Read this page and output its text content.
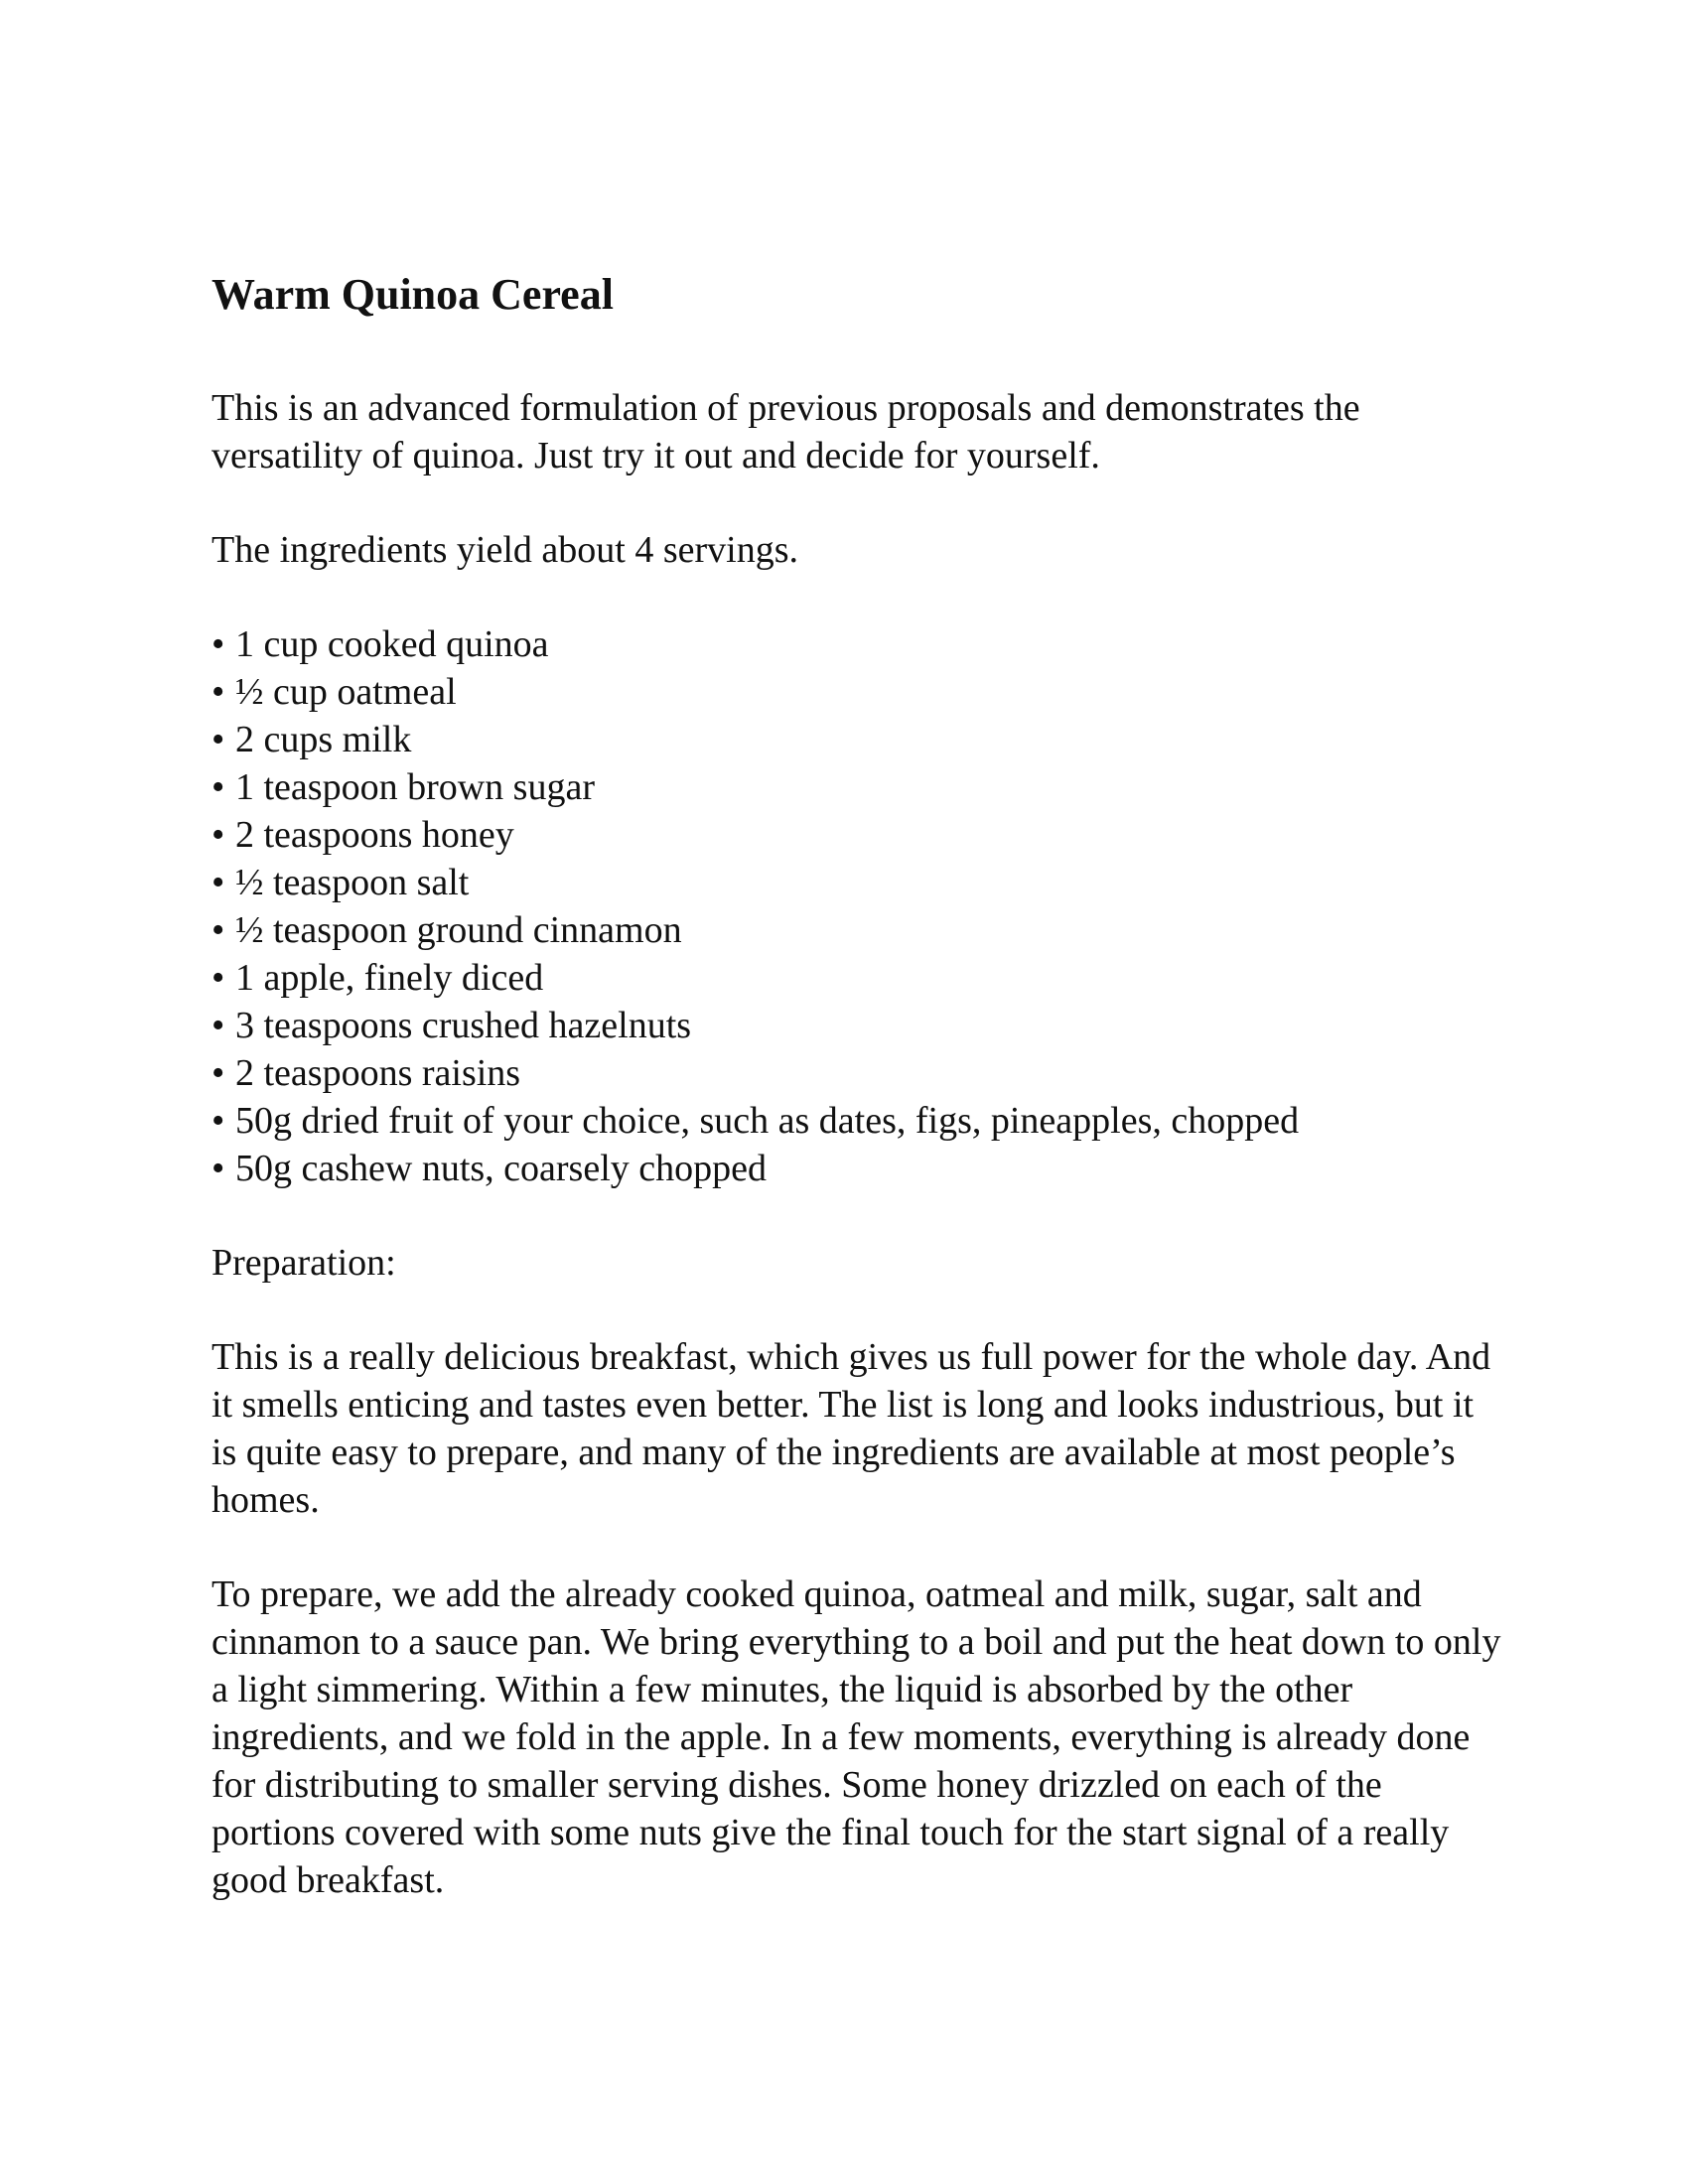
Warm Quinoa Cereal

This is an advanced formulation of previous proposals and demonstrates the versatility of quinoa. Just try it out and decide for yourself.

The ingredients yield about 4 servings.

• 1 cup cooked quinoa
• ½ cup oatmeal
• 2 cups milk
• 1 teaspoon brown sugar
• 2 teaspoons honey
• ½ teaspoon salt
• ½ teaspoon ground cinnamon
• 1 apple, finely diced
• 3 teaspoons crushed hazelnuts
• 2 teaspoons raisins
• 50g dried fruit of your choice, such as dates, figs, pineapples, chopped
• 50g cashew nuts, coarsely chopped

Preparation:

This is a really delicious breakfast, which gives us full power for the whole day. And it smells enticing and tastes even better. The list is long and looks industrious, but it is quite easy to prepare, and many of the ingredients are available at most people’s homes.

To prepare, we add the already cooked quinoa, oatmeal and milk, sugar, salt and cinnamon to a sauce pan. We bring everything to a boil and put the heat down to only a light simmering. Within a few minutes, the liquid is absorbed by the other ingredients, and we fold in the apple. In a few moments, everything is already done for distributing to smaller serving dishes. Some honey drizzled on each of the portions covered with some nuts give the final touch for the start signal of a really good breakfast.
